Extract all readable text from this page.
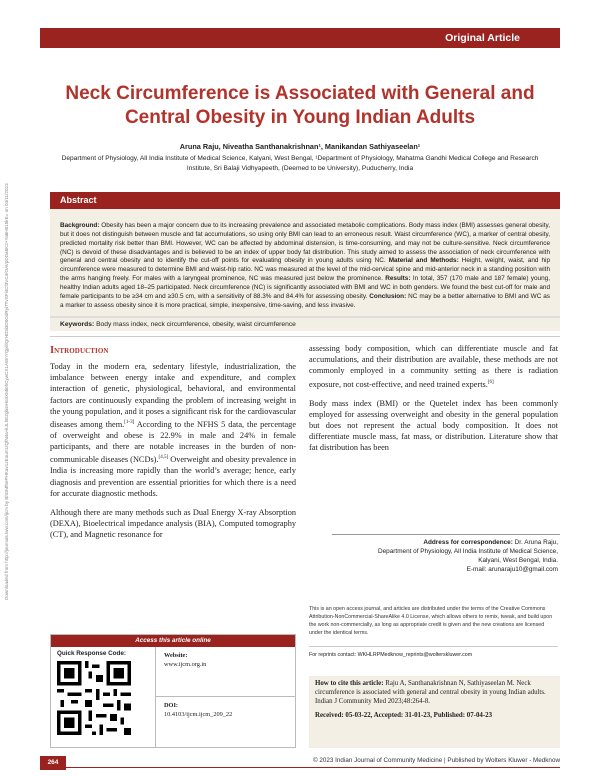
Downloaded from http://journals.lww.com/ijcm by BhDMf5ePHKav1zEoum1tQfN4a+kJLhEZgbsIHo4XMi0hCywCX1AWnYQp/IlQrHD3i3D0OdRyi7TvSFl4Cf3VC4/OAVpDDa8K2+Ya6H515kE= on 04/11/2023
Original Article
Neck Circumference is Associated with General and Central Obesity in Young Indian Adults
Aruna Raju, Niveatha Santhanakrishnan¹, Manikandan Sathiyaseelan¹
Department of Physiology, All India Institute of Medical Science, Kalyani, West Bengal, ¹Department of Physiology, Mahatma Gandhi Medical College and Research Institute, Sri Balaji Vidhyapeeth, (Deemed to be University), Puducherry, India
Abstract
Background: Obesity has been a major concern due to its increasing prevalence and associated metabolic complications. Body mass index (BMI) assesses general obesity, but it does not distinguish between muscle and fat accumulations, so using only BMI can lead to an erroneous result. Waist circumference (WC), a marker of central obesity, predicted mortality risk better than BMI. However, WC can be affected by abdominal distension, is time-consuming, and may not be culture-sensitive. Neck circumference (NC) is devoid of these disadvantages and is believed to be an index of upper body fat distribution. This study aimed to assess the association of neck circumference with general and central obesity and to identify the cut-off points for evaluating obesity in young adults using NC. Material and Methods: Height, weight, waist, and hip circumference were measured to determine BMI and waist-hip ratio. NC was measured at the level of the mid-cervical spine and mid-anterior neck in a standing position with the arms hanging freely. For males with a laryngeal prominence, NC was measured just below the prominence. Results: In total, 357 (170 male and 187 female) young, healthy Indian adults aged 18–25 participated. Neck circumference (NC) is significantly associated with BMI and WC in both genders. We found the best cut-off for male and female participants to be ≥34 cm and ≥30.5 cm, with a sensitivity of 88.3% and 84.4% for assessing obesity. Conclusion: NC may be a better alternative to BMI and WC as a marker to assess obesity since it is more practical, simple, inexpensive, time-saving, and less invasive.
Keywords: Body mass index, neck circumference, obesity, waist circumference
Introduction

Today in the modern era, sedentary lifestyle, industrialization, the imbalance between energy intake and expenditure, and complex interaction of genetic, physiological, behavioral, and environmental factors are continuously expanding the problem of increasing weight in the young population, and it poses a significant risk for the cardiovascular diseases among them.[1-3] According to the NFHS 5 data, the percentage of overweight and obese is 22.9% in male and 24% in female participants, and there are notable increases in the burden of non-communicable diseases (NCDs).[4,5] Overweight and obesity prevalence in India is increasing more rapidly than the world’s average; hence, early diagnosis and prevention are essential priorities for which there is a need for accurate diagnostic methods.

Although there are many methods such as Dual Energy X-ray Absorption (DEXA), Bioelectrical impedance analysis (BIA), Computed tomography (CT), and Magnetic resonance for

assessing body composition, which can differentiate muscle and fat accumulations, and their distribution are available, these methods are not commonly employed in a community setting as there is radiation exposure, not cost-effective, and need trained experts.[6]

Body mass index (BMI) or the Quetelet index has been commonly employed for assessing overweight and obesity in the general population but does not represent the actual body composition. It does not differentiate muscle mass, fat mass, or distribution. Literature show that fat distribution has been

Address for correspondence: Dr. Aruna Raju,
Department of Physiology, All India Institute of Medical Science,
Kalyani, West Bengal, India.
E-mail: arunaraju10@gmail.com
This is an open access journal, and articles are distributed under the terms of the Creative Commons Attribution-NonCommercial-ShareAlike 4.0 License, which allows others to remix, tweak, and build upon the work non-commercially, as long as appropriate credit is given and the new creations are licensed under the identical terms.
For reprints contact: WKHLRPMedknow_reprints@wolterskluwer.com
Access this article online
Quick Response Code:	Website:
www.ijcm.org.in
DOI:
10.4103/ijcm.ijcm_209_22
How to cite this article: Raju A, Santhanakrishnan N, Sathiyaseelan M. Neck circumference is associated with general and central obesity in young Indian adults. Indian J Community Med 2023;48:264-8.
Received: 05-03-22, Accepted: 31-01-23, Published: 07-04-23
264	© 2023 Indian Journal of Community Medicine | Published by Wolters Kluwer - Medknow
